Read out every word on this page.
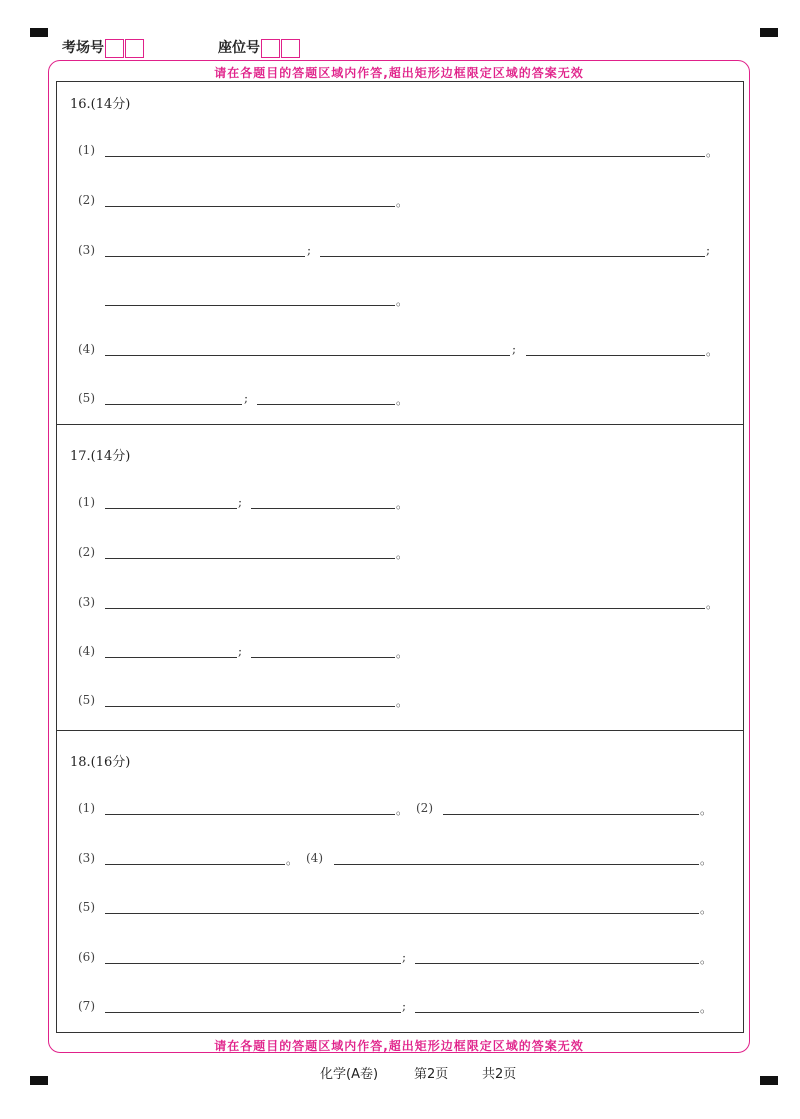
考场号	座位号
请在各题目的答题区域内作答,超出矩形边框限定区域的答案无效
请在各题目的答题区域内作答,超出矩形边框限定区域的答案无效
16.(14分)
(1)	。
(2)	。
(3)	;	;
。
(4)	;	。
(5)	;	。
17.(14分)
(1)	;	。
(2)	。
(3)	。
(4)	;	。
(5)	。
18.(16分)
(1)	。 (2)	。
(3)	。 (4)	。
(5)	。
(6)	;	。
(7)	;	。
化学(A卷)	第2页	共2页
